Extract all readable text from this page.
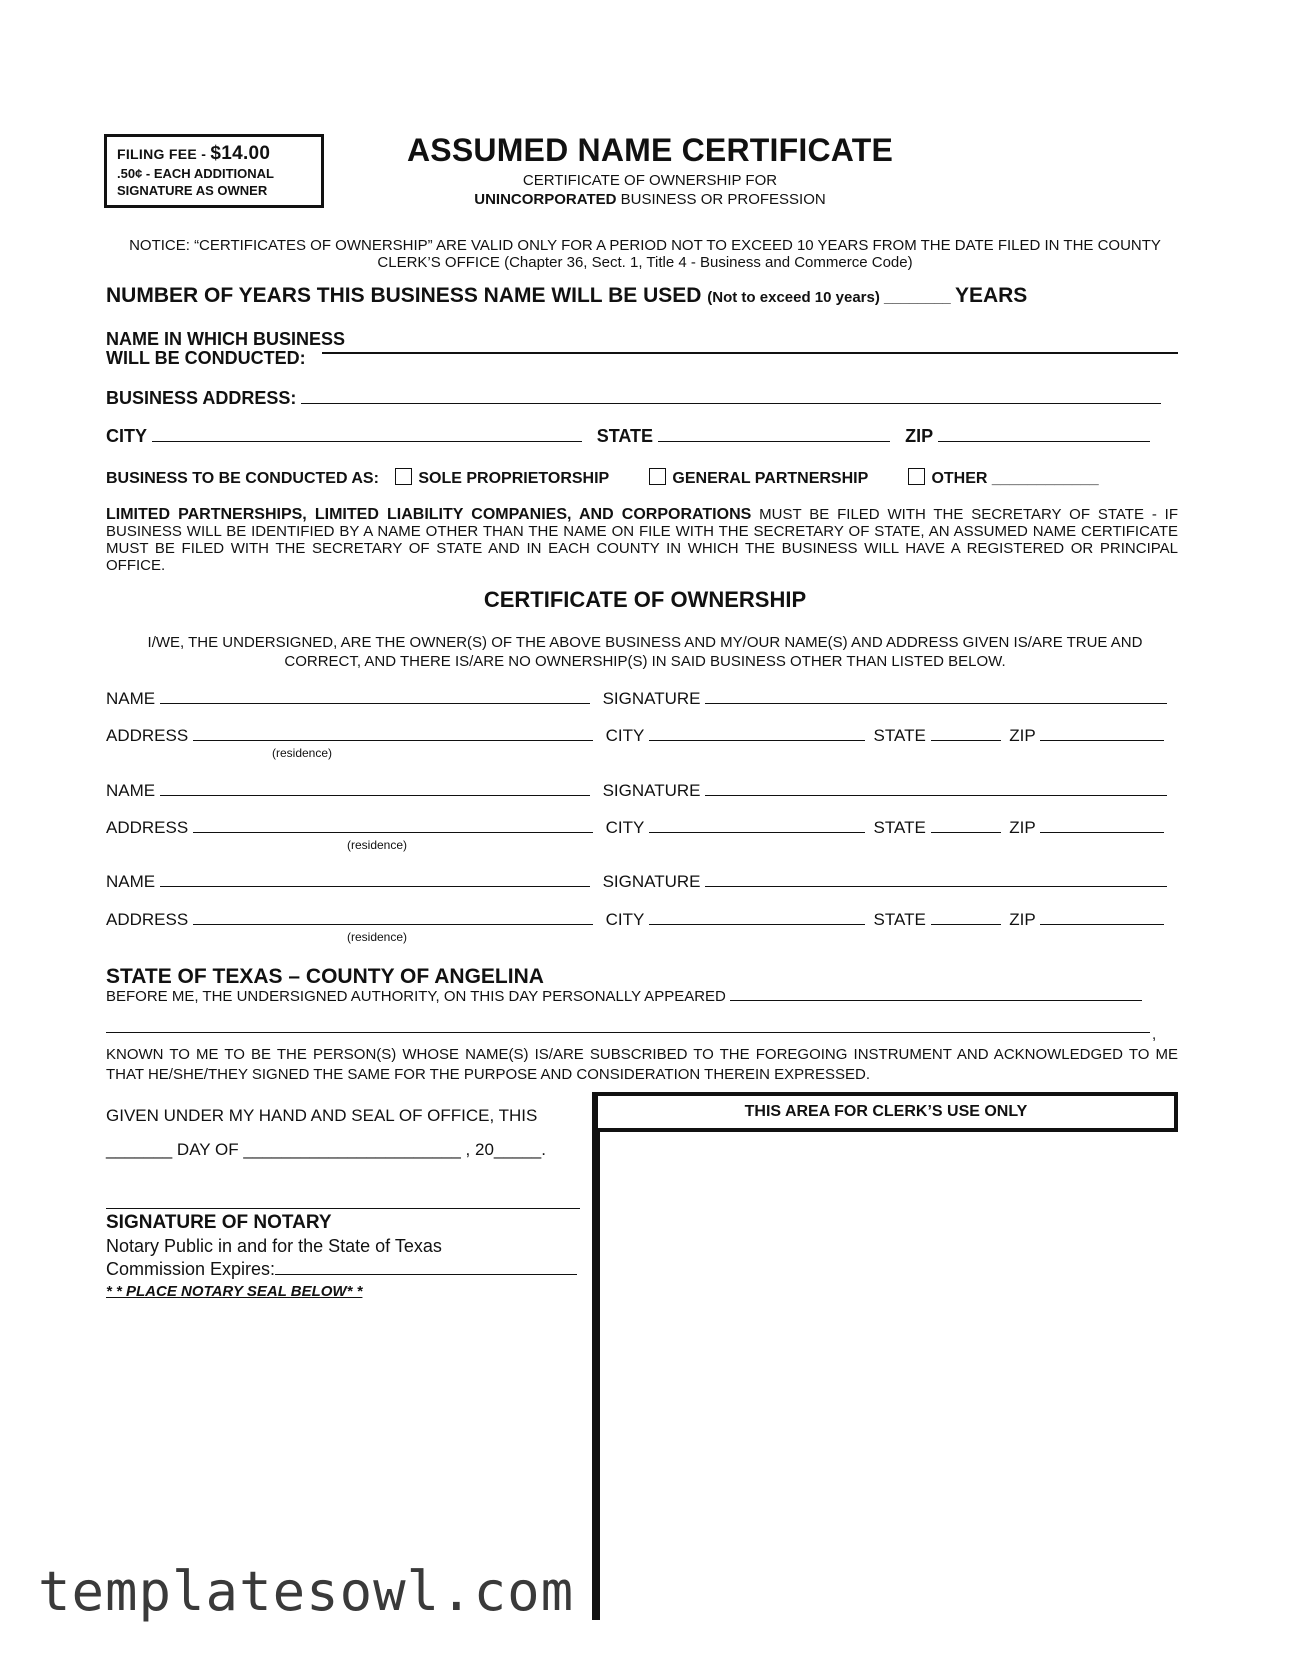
FILING FEE - $14.00
.50¢ - EACH ADDITIONAL
SIGNATURE AS OWNER
ASSUMED NAME CERTIFICATE
CERTIFICATE OF OWNERSHIP FOR
UNINCORPORATED BUSINESS OR PROFESSION
NOTICE: “CERTIFICATES OF OWNERSHIP” ARE VALID ONLY FOR A PERIOD NOT TO EXCEED 10 YEARS FROM THE DATE FILED IN THE COUNTY CLERK’S OFFICE (Chapter 36, Sect. 1, Title 4 - Business and Commerce Code)
NUMBER OF YEARS THIS BUSINESS NAME WILL BE USED (Not to exceed 10 years) ________ YEARS
NAME IN WHICH BUSINESS
WILL BE CONDUCTED:
BUSINESS ADDRESS:
CITY	STATE	ZIP
BUSINESS TO BE CONDUCTED AS: SOLE PROPRIETORSHIP	GENERAL PARTNERSHIP	OTHER ____________
LIMITED PARTNERSHIPS, LIMITED LIABILITY COMPANIES, AND CORPORATIONS MUST BE FILED WITH THE SECRETARY OF STATE - IF BUSINESS WILL BE IDENTIFIED BY A NAME OTHER THAN THE NAME ON FILE WITH THE SECRETARY OF STATE, AN ASSUMED NAME CERTIFICATE MUST BE FILED WITH THE SECRETARY OF STATE AND IN EACH COUNTY IN WHICH THE BUSINESS WILL HAVE A REGISTERED OR PRINCIPAL OFFICE.
CERTIFICATE OF OWNERSHIP
I/WE, THE UNDERSIGNED, ARE THE OWNER(S) OF THE ABOVE BUSINESS AND MY/OUR NAME(S) AND ADDRESS GIVEN IS/ARE TRUE AND CORRECT, AND THERE IS/ARE NO OWNERSHIP(S) IN SAID BUSINESS OTHER THAN LISTED BELOW.
NAME	SIGNATURE
ADDRESS	CITY	STATE	ZIP
(residence)
NAME	SIGNATURE
ADDRESS	CITY	STATE	ZIP
(residence)
NAME	SIGNATURE
ADDRESS	CITY	STATE	ZIP
(residence)
STATE OF TEXAS – COUNTY OF ANGELINA
BEFORE ME, THE UNDERSIGNED AUTHORITY, ON THIS DAY PERSONALLY APPEARED
,
KNOWN TO ME TO BE THE PERSON(S) WHOSE NAME(S) IS/ARE SUBSCRIBED TO THE FOREGOING INSTRUMENT AND ACKNOWLEDGED TO ME THAT HE/SHE/THEY SIGNED THE SAME FOR THE PURPOSE AND CONSIDERATION THEREIN EXPRESSED.
GIVEN UNDER MY HAND AND SEAL OF OFFICE, THIS
_______ DAY OF _______________________ , 20_____.
SIGNATURE OF NOTARY
Notary Public in and for the State of Texas
Commission Expires:
* * PLACE NOTARY SEAL BELOW* *
THIS AREA FOR CLERK’S USE ONLY
templatesowl.com
